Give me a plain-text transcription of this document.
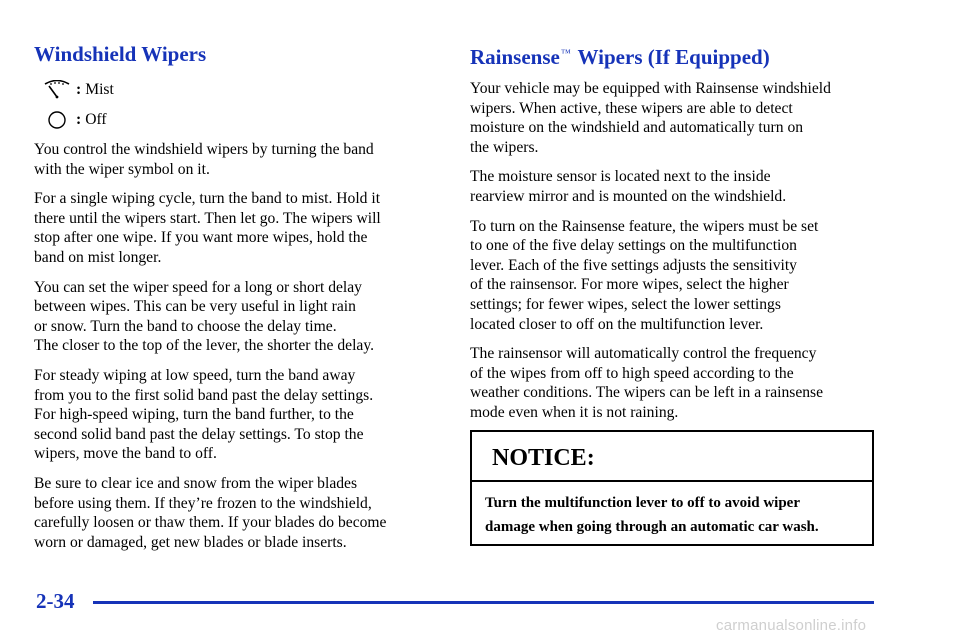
Windshield Wipers
: Mist
: Off

You control the windshield wipers by turning the band
with the wiper symbol on it.

For a single wiping cycle, turn the band to mist. Hold it
there until the wipers start. Then let go. The wipers will
stop after one wipe. If you want more wipes, hold the
band on mist longer.

You can set the wiper speed for a long or short delay
between wipes. This can be very useful in light rain
or snow. Turn the band to choose the delay time.
The closer to the top of the lever, the shorter the delay.

For steady wiping at low speed, turn the band away
from you to the first solid band past the delay settings.
For high-speed wiping, turn the band further, to the
second solid band past the delay settings. To stop the
wipers, move the band to off.

Be sure to clear ice and snow from the wiper blades
before using them. If they’re frozen to the windshield,
carefully loosen or thaw them. If your blades do become
worn or damaged, get new blades or blade inserts.

Rainsense™ Wipers (If Equipped)

Your vehicle may be equipped with Rainsense windshield
wipers. When active, these wipers are able to detect
moisture on the windshield and automatically turn on
the wipers.

The moisture sensor is located next to the inside
rearview mirror and is mounted on the windshield.

To turn on the Rainsense feature, the wipers must be set
to one of the five delay settings on the multifunction
lever. Each of the five settings adjusts the sensitivity
of the rainsensor. For more wipes, select the higher
settings; for fewer wipes, select the lower settings
located closer to off on the multifunction lever.

The rainsensor will automatically control the frequency
of the wipes from off to high speed according to the
weather conditions. The wipers can be left in a rainsense
mode even when it is not raining.

NOTICE:
Turn the multifunction lever to off to avoid wiper
damage when going through an automatic car wash.
2-34
carmanualsonline.info
